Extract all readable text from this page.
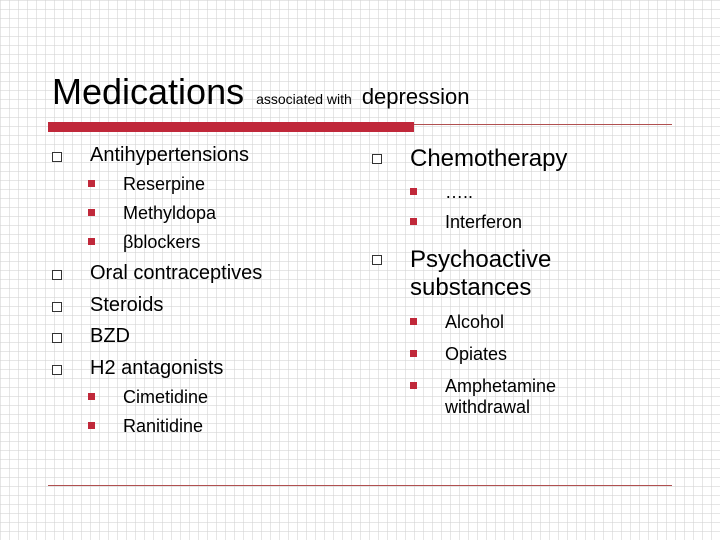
Medications associated with depression
Antihypertensions
Reserpine
Methyldopa
βblockers
Oral contraceptives
Steroids
BZD
H2 antagonists
Cimetidine
Ranitidine
Chemotherapy
…..
Interferon
Psychoactive
substances
Alcohol
Opiates
Amphetamine
withdrawal
